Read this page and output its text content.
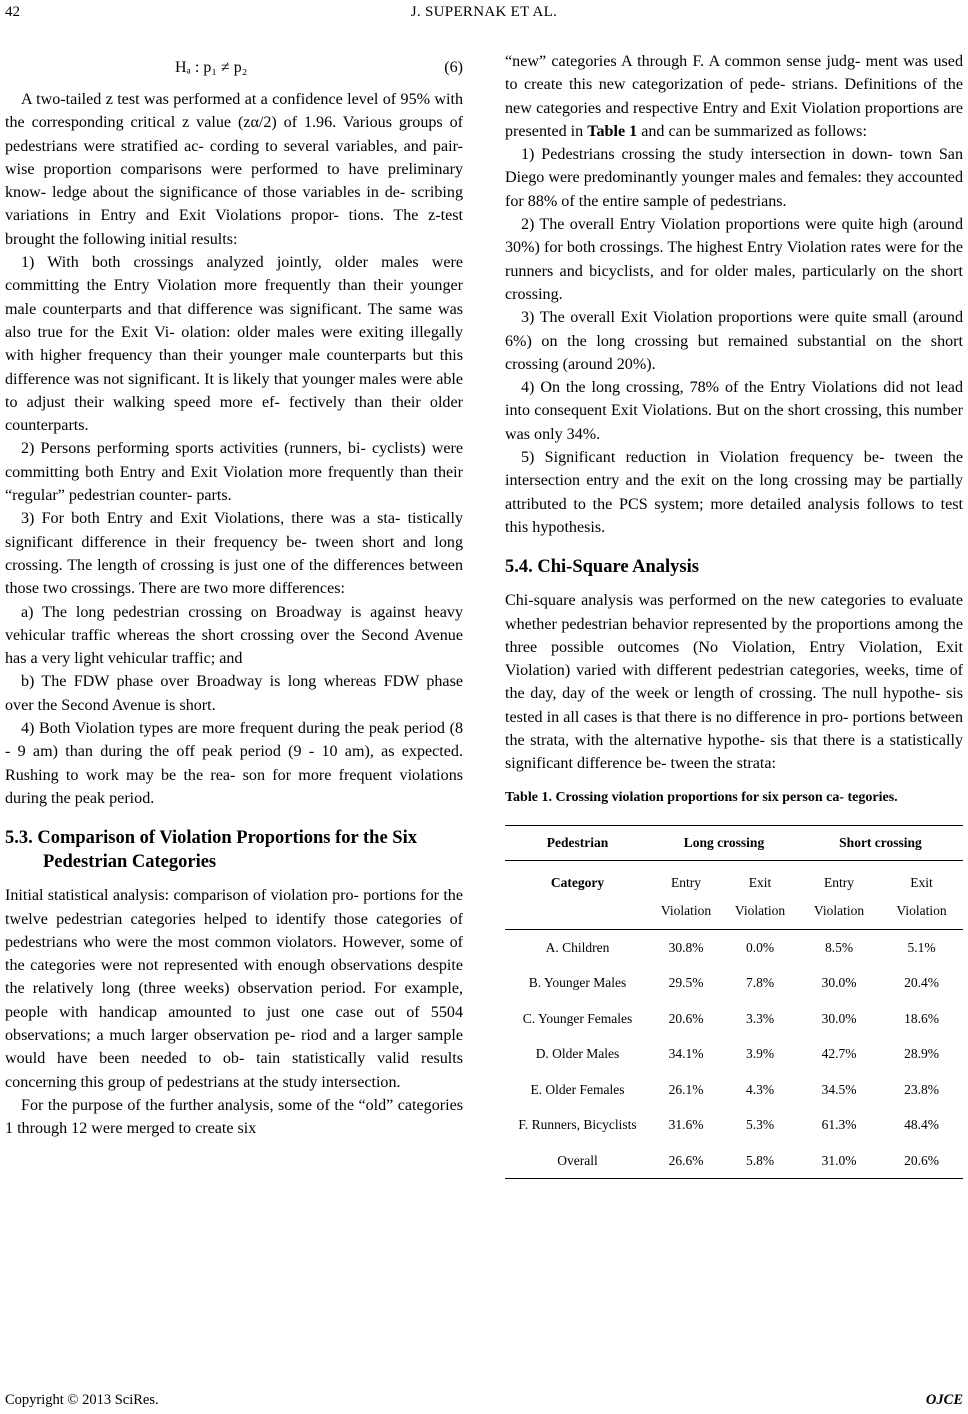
42	J. SUPERNAK ET AL.
Hₐ : p₁ ≠ p₂	(6)

A two-tailed z test was performed at a confidence level of 95% with the corresponding critical z value (zα/2) of 1.96. Various groups of pedestrians were stratified ac- cording to several variables, and pair-wise proportion comparisons were performed to have preliminary know- ledge about the significance of those variables in de- scribing variations in Entry and Exit Violations propor- tions. The z-test brought the following initial results:

1) With both crossings analyzed jointly, older males were committing the Entry Violation more frequently than their younger male counterparts and that difference was significant. The same was also true for the Exit Vi- olation: older males were exiting illegally with higher frequency than their younger male counterparts but this difference was not significant. It is likely that younger males were able to adjust their walking speed more ef- fectively than their older counterparts.

2) Persons performing sports activities (runners, bi- cyclists) were committing both Entry and Exit Violation more frequently than their “regular” pedestrian counter- parts.

3) For both Entry and Exit Violations, there was a sta- tistically significant difference in their frequency be- tween short and long crossing. The length of crossing is just one of the differences between those two crossings. There are two more differences:

a) The long pedestrian crossing on Broadway is against heavy vehicular traffic whereas the short crossing over the Second Avenue has a very light vehicular traffic; and

b) The FDW phase over Broadway is long whereas FDW phase over the Second Avenue is short.

4) Both Violation types are more frequent during the peak period (8 - 9 am) than during the off peak period (9 - 10 am), as expected. Rushing to work may be the rea- son for more frequent violations during the peak period.

5.3. Comparison of Violation Proportions for the Six Pedestrian Categories

Initial statistical analysis: comparison of violation pro- portions for the twelve pedestrian categories helped to identify those categories of pedestrians who were the most common violators. However, some of the categories were not represented with enough observations despite the relatively long (three weeks) observation period. For example, people with handicap amounted to just one case out of 5504 observations; a much larger observation pe- riod and a larger sample would have been needed to ob- tain statistically valid results concerning this group of pedestrians at the study intersection.

For the purpose of the further analysis, some of the “old” categories 1 through 12 were merged to create six

“new” categories A through F. A common sense judg- ment was used to create this new categorization of pede- strians. Definitions of the new categories and respective Entry and Exit Violation proportions are presented in Table 1 and can be summarized as follows:

1) Pedestrians crossing the study intersection in down- town San Diego were predominantly younger males and females: they accounted for 88% of the entire sample of pedestrians.

2) The overall Entry Violation proportions were quite high (around 30%) for both crossings. The highest Entry Violation rates were for the runners and bicyclists, and for older males, particularly on the short crossing.

3) The overall Exit Violation proportions were quite small (around 6%) on the long crossing but remained substantial on the short crossing (around 20%).

4) On the long crossing, 78% of the Entry Violations did not lead into consequent Exit Violations. But on the short crossing, this number was only 34%.

5) Significant reduction in Violation frequency be- tween the intersection entry and the exit on the long crossing may be partially attributed to the PCS system; more detailed analysis follows to test this hypothesis.

5.4. Chi-Square Analysis

Chi-square analysis was performed on the new categories to evaluate whether pedestrian behavior represented by the proportions among the three possible outcomes (No Violation, Entry Violation, Exit Violation) varied with different pedestrian categories, weeks, time of the day, day of the week or length of crossing. The null hypothe- sis tested in all cases is that there is no difference in pro- portions between the strata, with the alternative hypothe- sis that there is a statistically significant difference be- tween the strata:

Table 1. Crossing violation proportions for six person ca- tegories.
Pedestrian	Long crossing		Short crossing	
Category	Entry	Exit	Entry	Exit
	Violation	Violation	Violation	Violation
A. Children	30.8%	0.0%	8.5%	5.1%
B. Younger Males	29.5%	7.8%	30.0%	20.4%
C. Younger Females	20.6%	3.3%	30.0%	18.6%
D. Older Males	34.1%	3.9%	42.7%	28.9%
E. Older Females	26.1%	4.3%	34.5%	23.8%
F. Runners, Bicyclists	31.6%	5.3%	61.3%	48.4%
Overall	26.6%	5.8%	31.0%	20.6%
Copyright © 2013 SciRes.	OJCE
